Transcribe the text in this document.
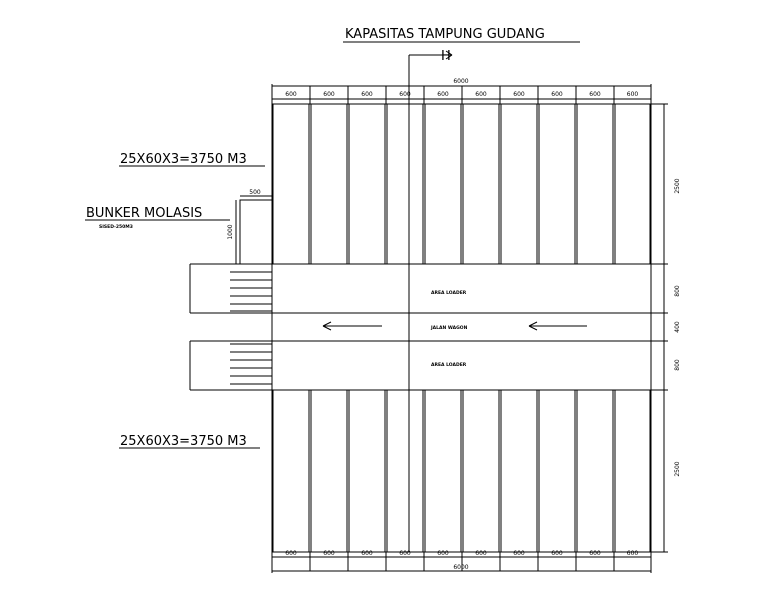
KAPASITAS TAMPUNG GUDANG
H
6000
6000
25X60X3=3750 M3
25X60X3=3750 M3
BUNKER MOLASIS
SISED-250M3
500
1000
2500
800
400
800
2500
AREA LOADER
JALAN WAGON
AREA LOADER
600	600	600	600	600	600	600	600	600	600
600	600	600	600	600	600	600	600	600	600
